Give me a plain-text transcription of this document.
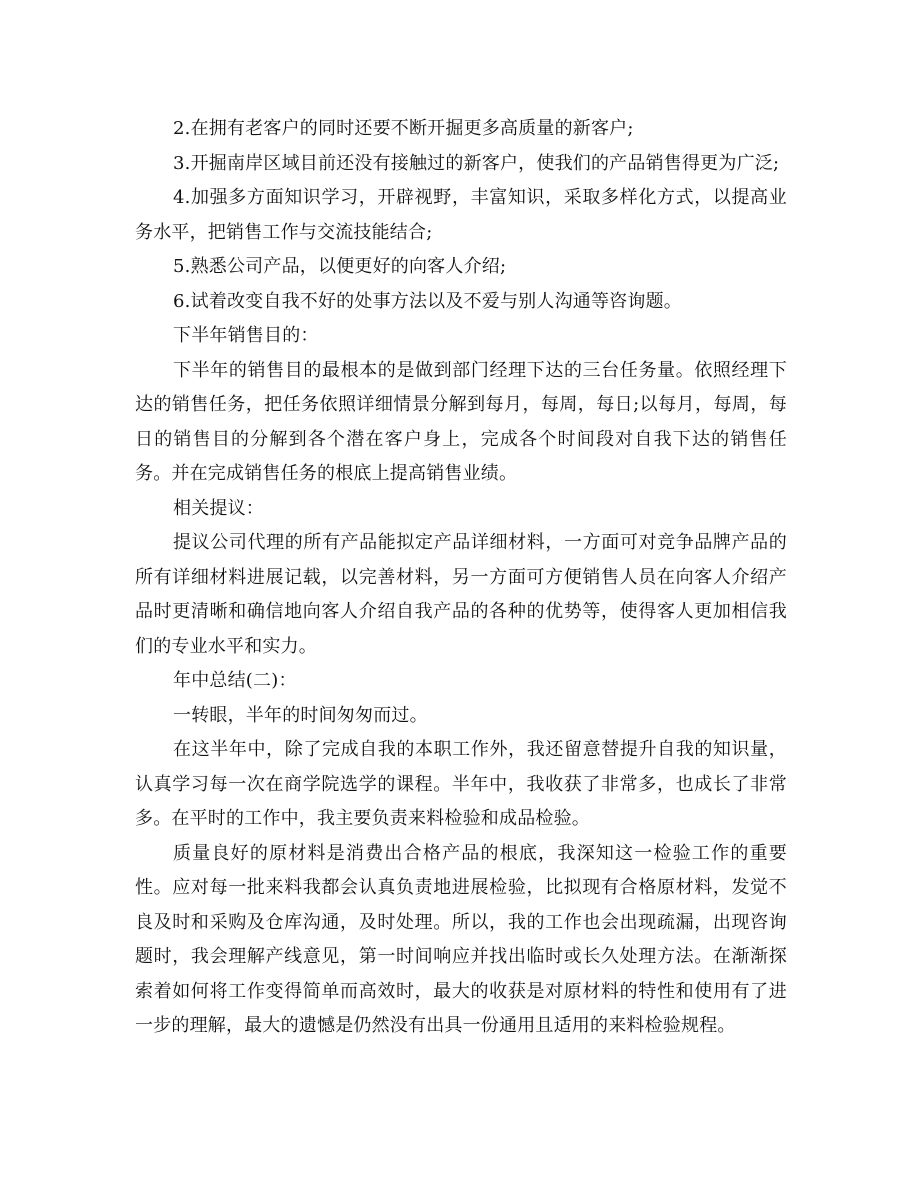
2.在拥有老客户的同时还要不断开掘更多高质量的新客户;

3.开掘南岸区域目前还没有接触过的新客户，使我们的产品销售得更为广泛;

4.加强多方面知识学习，开辟视野，丰富知识，采取多样化方式，以提高业务水平，把销售工作与交流技能结合;

5.熟悉公司产品，以便更好的向客人介绍;

6.试着改变自我不好的处事方法以及不爱与别人沟通等咨询题。

下半年销售目的：

下半年的销售目的最根本的是做到部门经理下达的三台任务量。依照经理下达的销售任务，把任务依照详细情景分解到每月，每周，每日;以每月，每周，每日的销售目的分解到各个潜在客户身上，完成各个时间段对自我下达的销售任务。并在完成销售任务的根底上提高销售业绩。

相关提议：

提议公司代理的所有产品能拟定产品详细材料，一方面可对竞争品牌产品的所有详细材料进展记载，以完善材料，另一方面可方便销售人员在向客人介绍产品时更清晰和确信地向客人介绍自我产品的各种的优势等，使得客人更加相信我们的专业水平和实力。

年中总结(二)：

一转眼，半年的时间匆匆而过。

在这半年中，除了完成自我的本职工作外，我还留意替提升自我的知识量，认真学习每一次在商学院选学的课程。半年中，我收获了非常多，也成长了非常多。在平时的工作中，我主要负责来料检验和成品检验。

质量良好的原材料是消费出合格产品的根底，我深知这一检验工作的重要性。应对每一批来料我都会认真负责地进展检验，比拟现有合格原材料，发觉不良及时和采购及仓库沟通，及时处理。所以，我的工作也会出现疏漏，出现咨询题时，我会理解产线意见，第一时间响应并找出临时或长久处理方法。在渐渐探索着如何将工作变得简单而高效时，最大的收获是对原材料的特性和使用有了进一步的理解，最大的遗憾是仍然没有出具一份通用且适用的来料检验规程。
